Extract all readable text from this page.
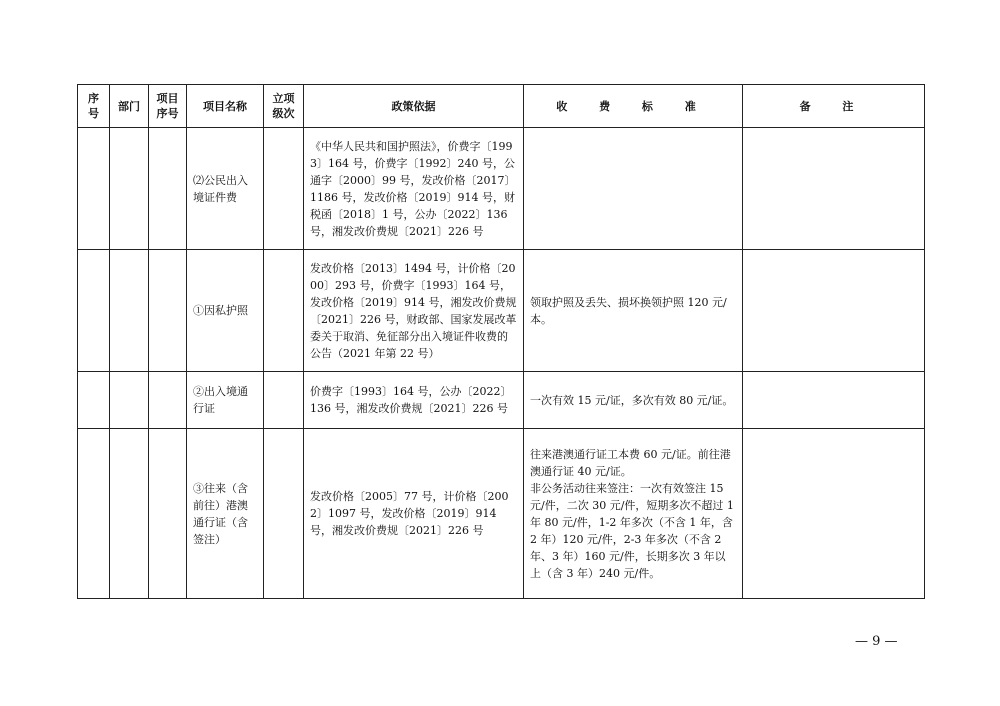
序号	部门	项目序号	项目名称	立项级次	政策依据	收 费 标 准	备 注
			⑵公民出入境证件费		《中华人民共和国护照法》，价费字〔1993〕164 号，价费字〔1992〕240 号，公通字〔2000〕99 号，发改价格〔2017〕1186 号，发改价格〔2019〕914 号，财税函〔2018〕1 号，公办〔2022〕136 号，湘发改价费规〔2021〕226 号		
			①因私护照		发改价格〔2013〕1494 号，计价格〔2000〕293 号，价费字〔1993〕164 号，发改价格〔2019〕914 号，湘发改价费规〔2021〕226 号，财政部、国家发展改革委关于取消、免征部分出入境证件收费的公告（2021 年第 22 号）	领取护照及丢失、损坏换领护照 120 元/本。	
			②出入境通行证		价费字〔1993〕164 号，公办〔2022〕136 号，湘发改价费规〔2021〕226 号	一次有效 15 元/证，多次有效 80 元/证。	
			③往来（含前往）港澳通行证（含签注）		发改价格〔2005〕77 号，计价格〔2002〕1097 号，发改价格〔2019〕914 号，湘发改价费规〔2021〕226 号	往来港澳通行证工本费 60 元/证。前往港澳通行证 40 元/证。
非公务活动往来签注：一次有效签注 15 元/件，二次 30 元/件，短期多次不超过 1 年 80 元/件，1-2 年多次（不含 1 年，含 2 年）120 元/件，2-3 年多次（不含 2 年、3 年）160 元/件，长期多次 3 年以上（含 3 年）240 元/件。	

— 9 —
